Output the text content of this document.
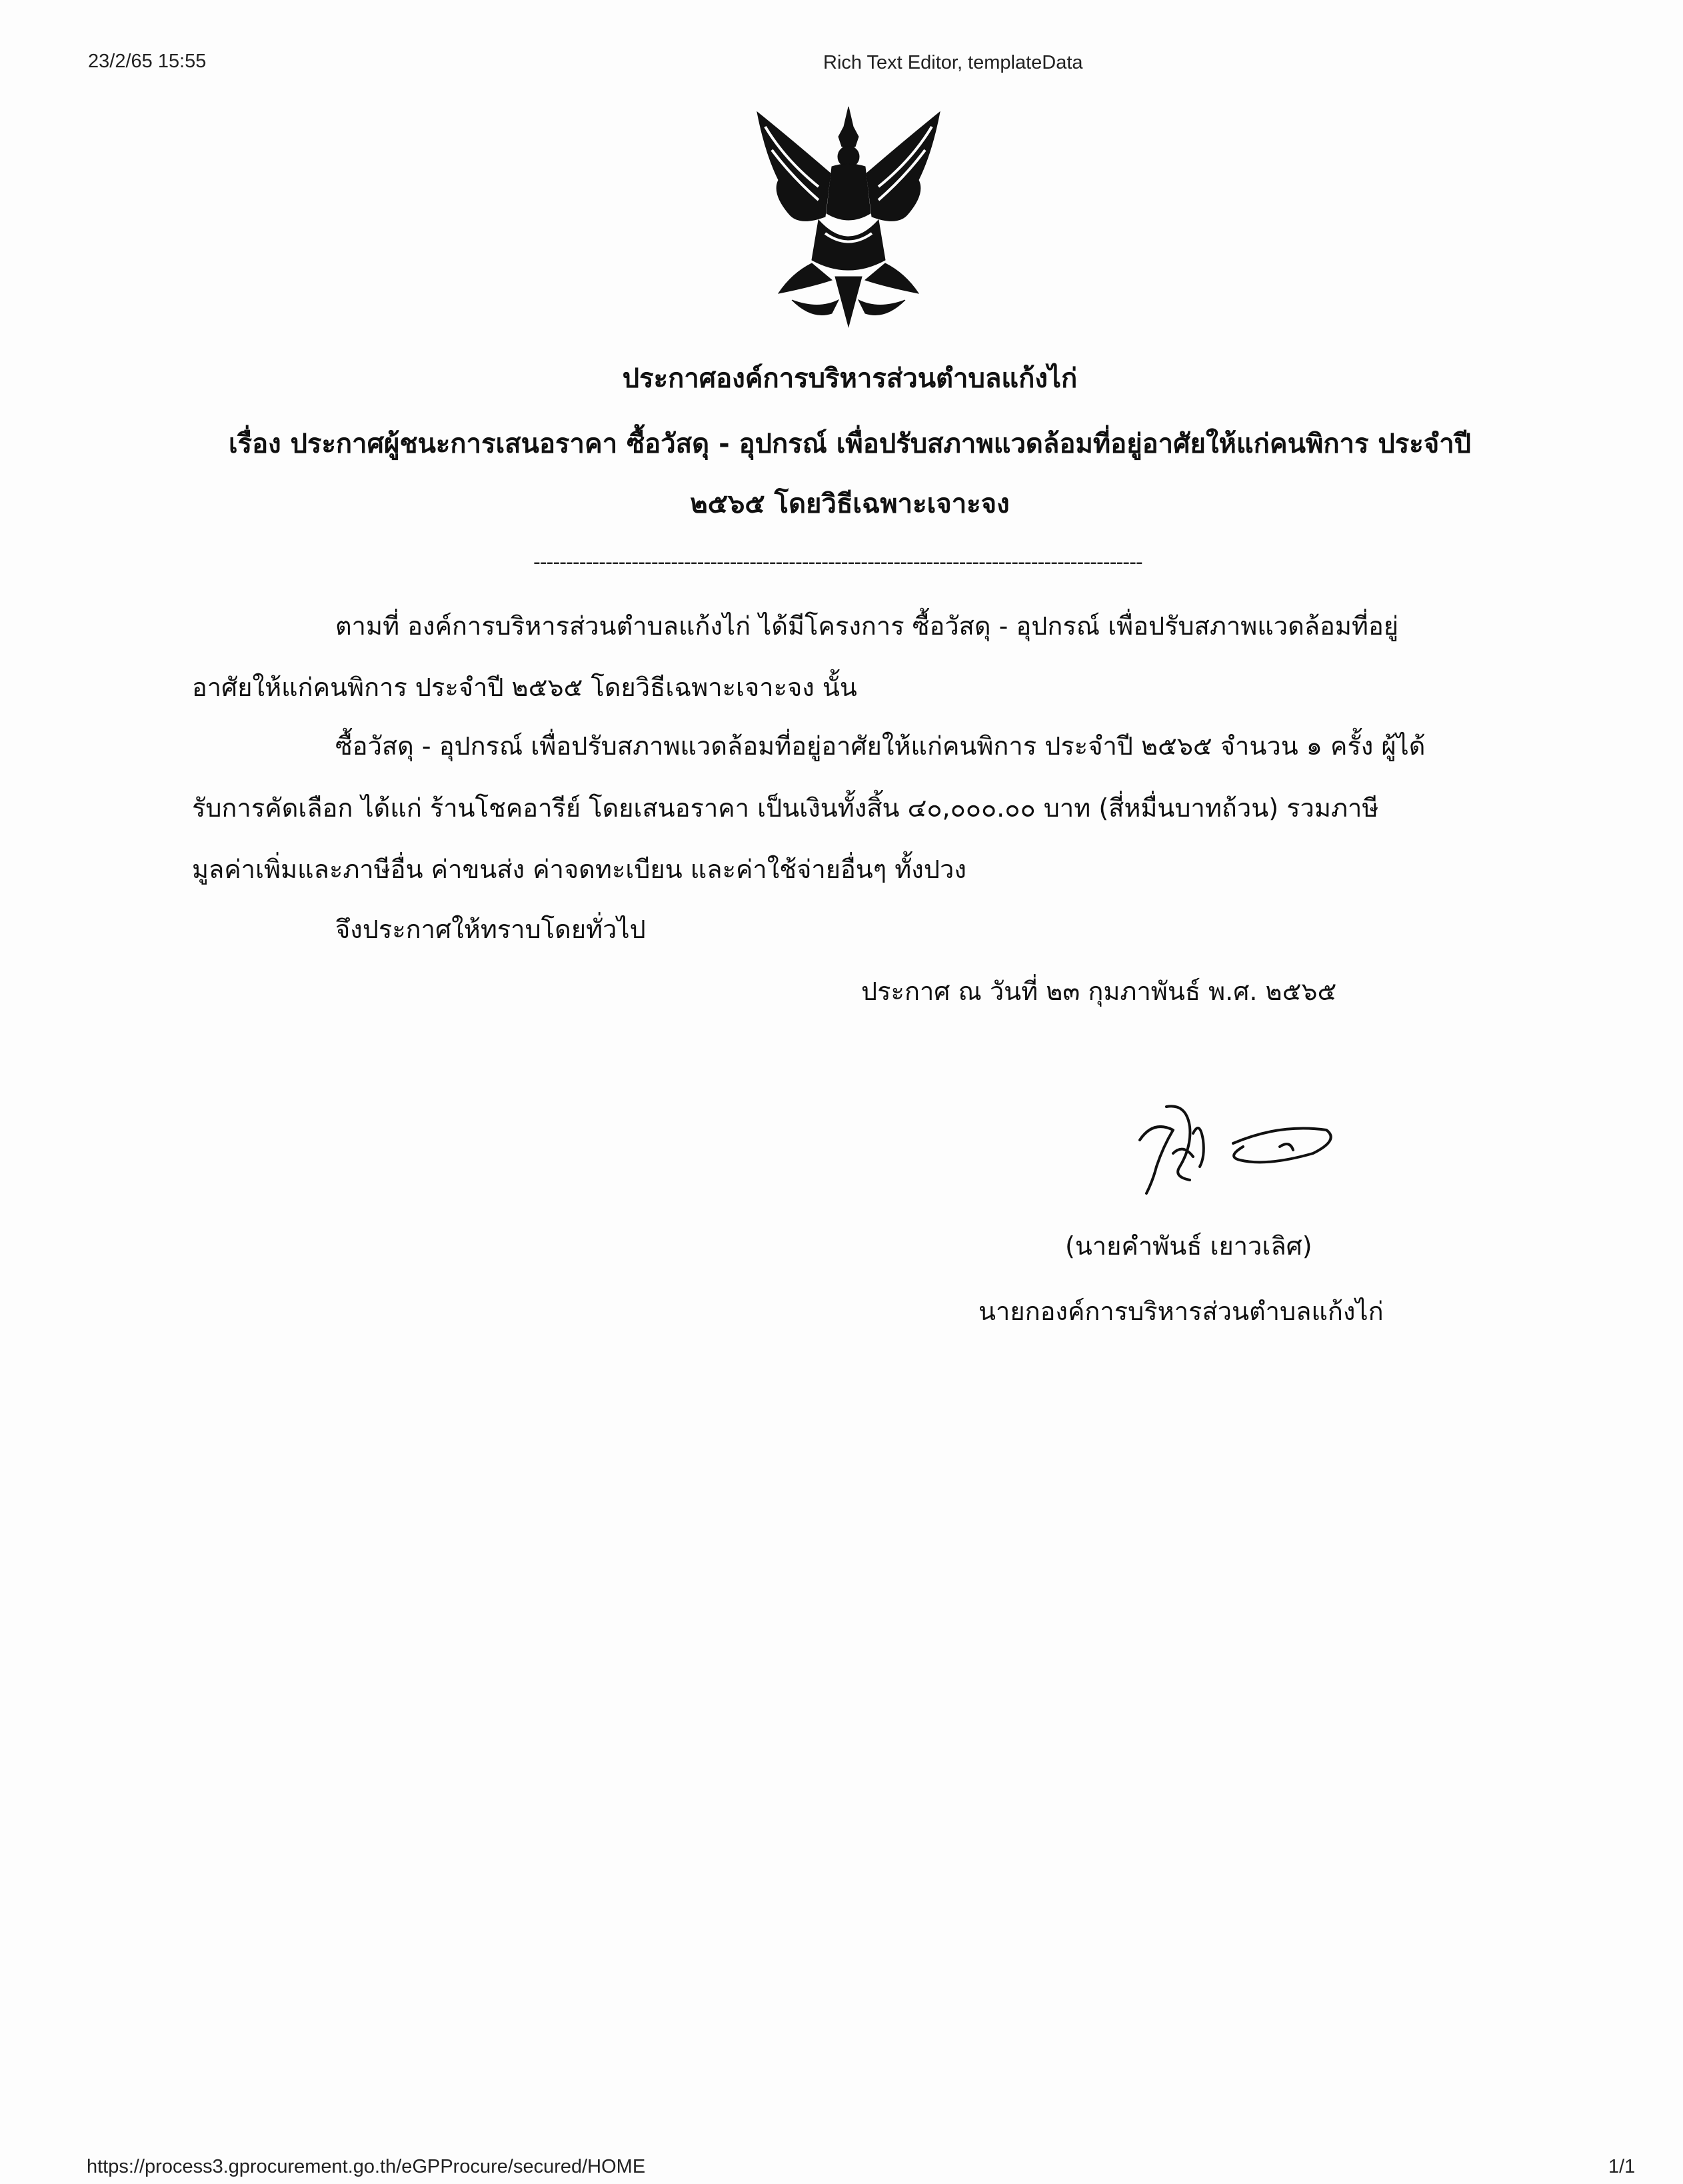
23/2/65 15:55	Rich Text Editor, templateData
ประกาศองค์การบริหารส่วนตำบลแก้งไก่
เรื่อง ประกาศผู้ชนะการเสนอราคา ซื้อวัสดุ - อุปกรณ์ เพื่อปรับสภาพแวดล้อมที่อยู่อาศัยให้แก่คนพิการ ประจำปี
๒๕๖๕ โดยวิธีเฉพาะเจาะจง
---------------------------------------------------------------------------------------------
ตามที่ องค์การบริหารส่วนตำบลแก้งไก่ ได้มีโครงการ ซื้อวัสดุ - อุปกรณ์ เพื่อปรับสภาพแวดล้อมที่อยู่
อาศัยให้แก่คนพิการ ประจำปี ๒๕๖๕ โดยวิธีเฉพาะเจาะจง นั้น
ซื้อวัสดุ - อุปกรณ์ เพื่อปรับสภาพแวดล้อมที่อยู่อาศัยให้แก่คนพิการ ประจำปี ๒๕๖๕ จำนวน ๑ ครั้ง ผู้ได้
รับการคัดเลือก ได้แก่ ร้านโชคอารีย์ โดยเสนอราคา เป็นเงินทั้งสิ้น ๔๐,๐๐๐.๐๐ บาท (สี่หมื่นบาทถ้วน) รวมภาษี
มูลค่าเพิ่มและภาษีอื่น ค่าขนส่ง ค่าจดทะเบียน และค่าใช้จ่ายอื่นๆ ทั้งปวง
จึงประกาศให้ทราบโดยทั่วไป
ประกาศ ณ วันที่ ๒๓ กุมภาพันธ์ พ.ศ. ๒๕๖๕
(นายคำพันธ์ เยาวเลิศ)
นายกองค์การบริหารส่วนตำบลแก้งไก่
https://process3.gprocurement.go.th/eGPProcure/secured/HOME	1/1
